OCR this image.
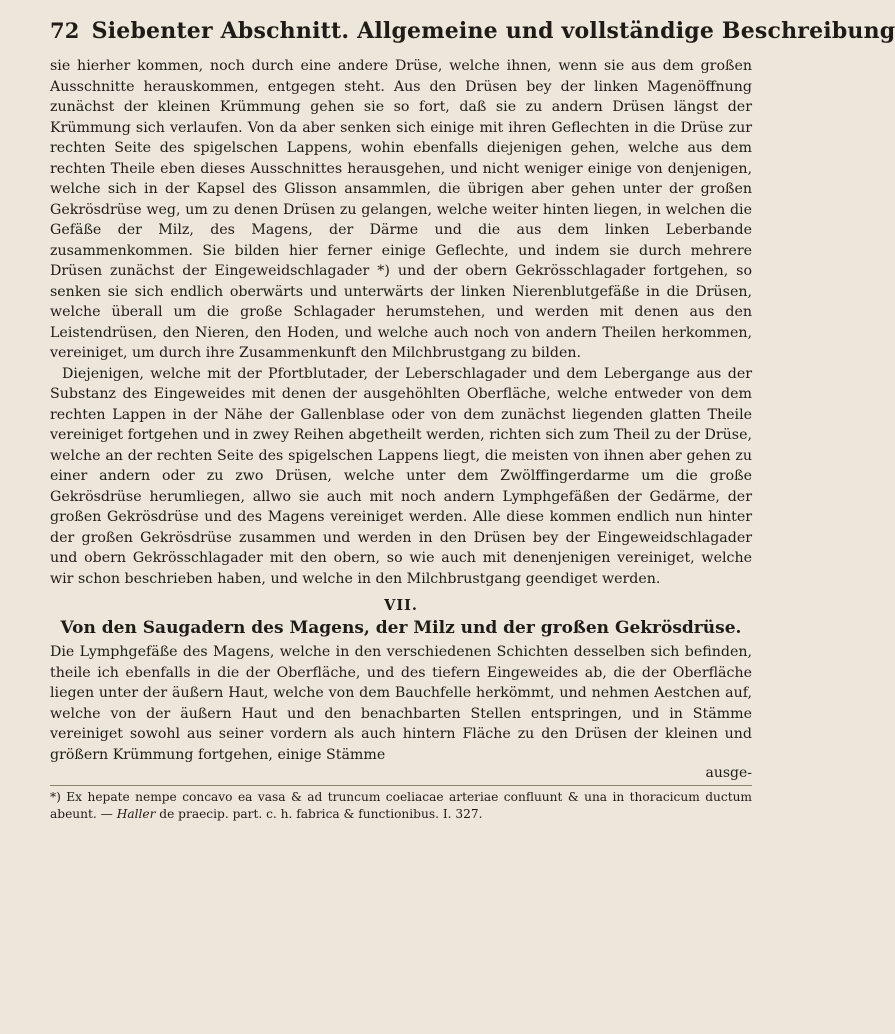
72 Siebenter Abschnitt. Allgemeine und vollständige Beschreibung

sie hierher kommen, noch durch eine andere Drüse, welche ihnen, wenn sie aus dem großen Ausschnitte herauskommen, entgegen steht. Aus den Drüsen bey der linken Magenöffnung zunächst der kleinen Krümmung gehen sie so fort, daß sie zu andern Drüsen längst der Krümmung sich verlaufen. Von da aber senken sich einige mit ihren Geflechten in die Drüse zur rechten Seite des spigelschen Lappens, wohin ebenfalls diejenigen gehen, welche aus dem rechten Theile eben dieses Ausschnittes herausgehen, und nicht weniger einige von denjenigen, welche sich in der Kapsel des Glisson ansammlen, die übrigen aber gehen unter der großen Gekrösdrüse weg, um zu denen Drüsen zu gelangen, welche weiter hinten liegen, in welchen die Gefäße der Milz, des Magens, der Därme und die aus dem linken Leberbande zusammenkommen. Sie bilden hier ferner einige Geflechte, und indem sie durch mehrere Drüsen zunächst der Eingeweidschlagader *) und der obern Gekrösschlagader fortgehen, so senken sie sich endlich oberwärts und unterwärts der linken Nierenblutgefäße in die Drüsen, welche überall um die große Schlagader herumstehen, und werden mit denen aus den Leistendrüsen, den Nieren, den Hoden, und welche auch noch von andern Theilen herkommen, vereiniget, um durch ihre Zusammenkunft den Milchbrustgang zu bilden.

Diejenigen, welche mit der Pfortblutader, der Leberschlagader und dem Lebergange aus der Substanz des Eingeweides mit denen der ausgehöhlten Oberfläche, welche entweder von dem rechten Lappen in der Nähe der Gallenblase oder von dem zunächst liegenden glatten Theile vereiniget fortgehen und in zwey Reihen abgetheilt werden, richten sich zum Theil zu der Drüse, welche an der rechten Seite des spigelschen Lappens liegt, die meisten von ihnen aber gehen zu einer andern oder zu zwo Drüsen, welche unter dem Zwölffingerdarme um die große Gekrösdrüse herumliegen, allwo sie auch mit noch andern Lymphgefäßen der Gedärme, der großen Gekrösdrüse und des Magens vereiniget werden. Alle diese kommen endlich nun hinter der großen Gekrösdrüse zusammen und werden in den Drüsen bey der Eingeweidschlagader und obern Gekrösschlagader mit den obern, so wie auch mit denenjenigen vereiniget, welche wir schon beschrieben haben, und welche in den Milchbrustgang geendiget werden.

VII.
Von den Saugadern des Magens, der Milz und der großen Gekrösdrüse.

Die Lymphgefäße des Magens, welche in den verschiedenen Schichten desselben sich befinden, theile ich ebenfalls in die der Oberfläche, und des tiefern Eingeweides ab, die der Oberfläche liegen unter der äußern Haut, welche von dem Bauchfelle herkömmt, und nehmen Aestchen auf, welche von der äußern Haut und den benachbarten Stellen entspringen, und in Stämme vereiniget sowohl aus seiner vordern als auch hintern Fläche zu den Drüsen der kleinen und größern Krümmung fortgehen, einige Stämme

ausge-
*) Ex hepate nempe concavo ea vasa & ad truncum coeliacae arteriae confluunt & una in thoracicum ductum abeunt. — Haller de praecip. part. c. h. fabrica & functionibus. I. 327.
